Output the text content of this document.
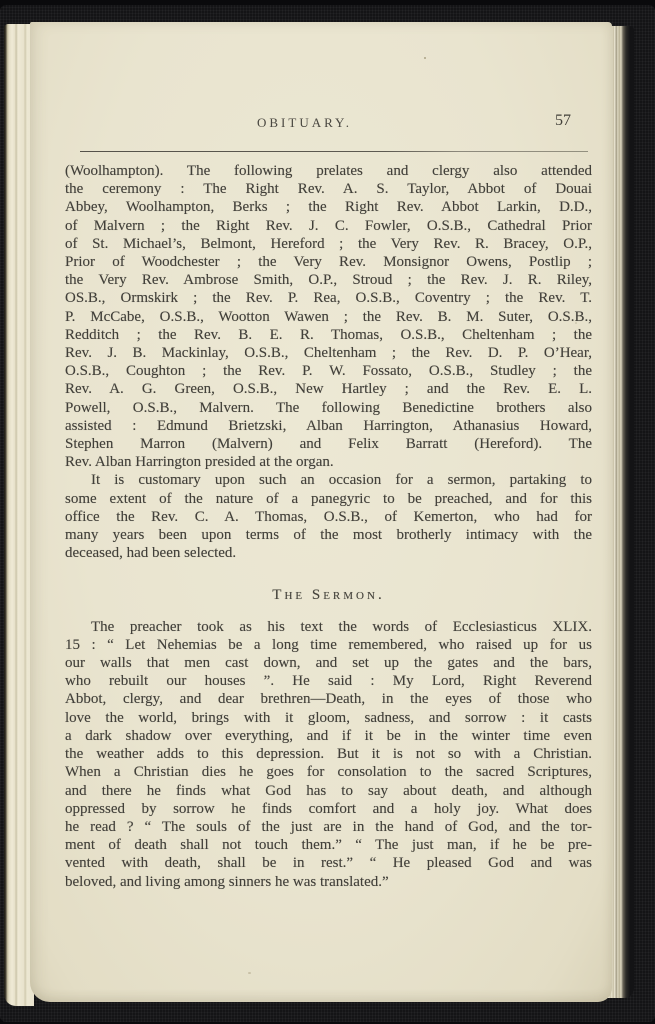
OBITUARY.	57
(Woolhampton). The following prelates and clergy also attended
the ceremony : The Right Rev. A. S. Taylor, Abbot of Douai
Abbey, Woolhampton, Berks ; the Right Rev. Abbot Larkin, D.D.,
of Malvern ; the Right Rev. J. C. Fowler, O.S.B., Cathedral Prior
of St. Michael’s, Belmont, Hereford ; the Very Rev. R. Bracey, O.P.,
Prior of Woodchester ; the Very Rev. Monsignor Owens, Postlip ;
the Very Rev. Ambrose Smith, O.P., Stroud ; the Rev. J. R. Riley,
OS.B., Ormskirk ; the Rev. P. Rea, O.S.B., Coventry ; the Rev. T.
P. McCabe, O.S.B., Wootton Wawen ; the Rev. B. M. Suter, O.S.B.,
Redditch ; the Rev. B. E. R. Thomas, O.S.B., Cheltenham ; the
Rev. J. B. Mackinlay, O.S.B., Cheltenham ; the Rev. D. P. O’Hear,
O.S.B., Coughton ; the Rev. P. W. Fossato, O.S.B., Studley ; the
Rev. A. G. Green, O.S.B., New Hartley ; and the Rev. E. L.
Powell, O.S.B., Malvern. The following Benedictine brothers also
assisted : Edmund Brietzski, Alban Harrington, Athanasius Howard,
Stephen Marron (Malvern) and Felix Barratt (Hereford). The
Rev. Alban Harrington presided at the organ.
It is customary upon such an occasion for a sermon, partaking to
some extent of the nature of a panegyric to be preached, and for this
office the Rev. C. A. Thomas, O.S.B., of Kemerton, who had for
many years been upon terms of the most brotherly intimacy with the
deceased, had been selected.
The Sermon.
The preacher took as his text the words of Ecclesiasticus XLIX.
15 : “ Let Nehemias be a long time remembered, who raised up for us
our walls that men cast down, and set up the gates and the bars,
who rebuilt our houses ”. He said : My Lord, Right Reverend
Abbot, clergy, and dear brethren—Death, in the eyes of those who
love the world, brings with it gloom, sadness, and sorrow : it casts
a dark shadow over everything, and if it be in the winter time even
the weather adds to this depression. But it is not so with a Christian.
When a Christian dies he goes for consolation to the sacred Scriptures,
and there he finds what God has to say about death, and although
oppressed by sorrow he finds comfort and a holy joy. What does
he read ? “ The souls of the just are in the hand of God, and the tor-
ment of death shall not touch them.” “ The just man, if he be pre-
vented with death, shall be in rest.” “ He pleased God and was
beloved, and living among sinners he was translated.”
